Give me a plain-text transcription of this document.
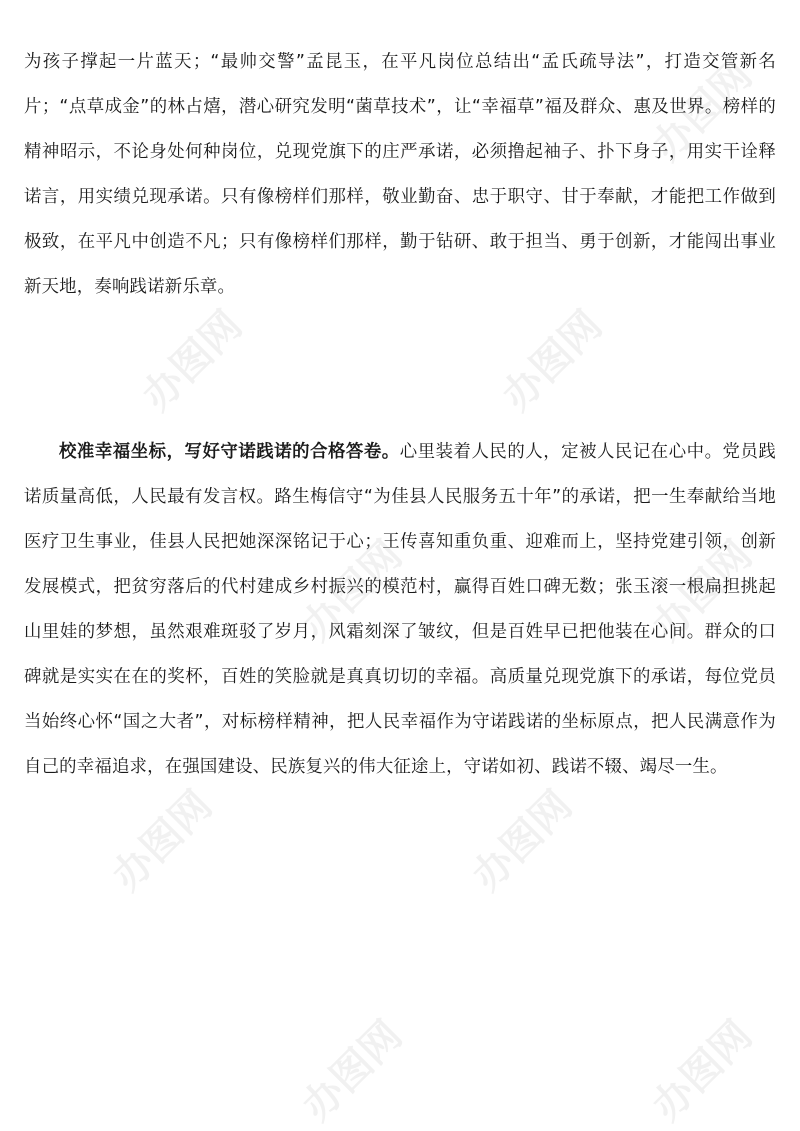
为孩子撑起一片蓝天；“最帅交警”孟昆玉，在平凡岗位总结出“孟氏疏导法”，打造交管新名片；“点草成金”的林占熺，潜心研究发明“菌草技术”，让“幸福草”福及群众、惠及世界。榜样的精神昭示，不论身处何种岗位，兑现党旗下的庄严承诺，必须撸起袖子、扑下身子，用实干诠释诺言，用实绩兑现承诺。只有像榜样们那样，敬业勤奋、忠于职守、甘于奉献，才能把工作做到极致，在平凡中创造不凡；只有像榜样们那样，勤于钻研、敢于担当、勇于创新，才能闯出事业新天地，奏响践诺新乐章。

校准幸福坐标，写好守诺践诺的合格答卷。心里装着人民的人，定被人民记在心中。党员践诺质量高低，人民最有发言权。路生梅信守“为佳县人民服务五十年”的承诺，把一生奉献给当地医疗卫生事业，佳县人民把她深深铭记于心；王传喜知重负重、迎难而上，坚持党建引领，创新发展模式，把贫穷落后的代村建成乡村振兴的模范村，赢得百姓口碑无数；张玉滚一根扁担挑起山里娃的梦想，虽然艰难斑驳了岁月，风霜刻深了皱纹，但是百姓早已把他装在心间。群众的口碑就是实实在在的奖杯，百姓的笑脸就是真真切切的幸福。高质量兑现党旗下的承诺，每位党员当始终心怀“国之大者”，对标榜样精神，把人民幸福作为守诺践诺的坐标原点，把人民满意作为自己的幸福追求，在强国建设、民族复兴的伟大征途上，守诺如初、践诺不辍、竭尽一生。

办图网	办图网
办图网	办图网
办图网	办图网
办图网	办图网
办图网
